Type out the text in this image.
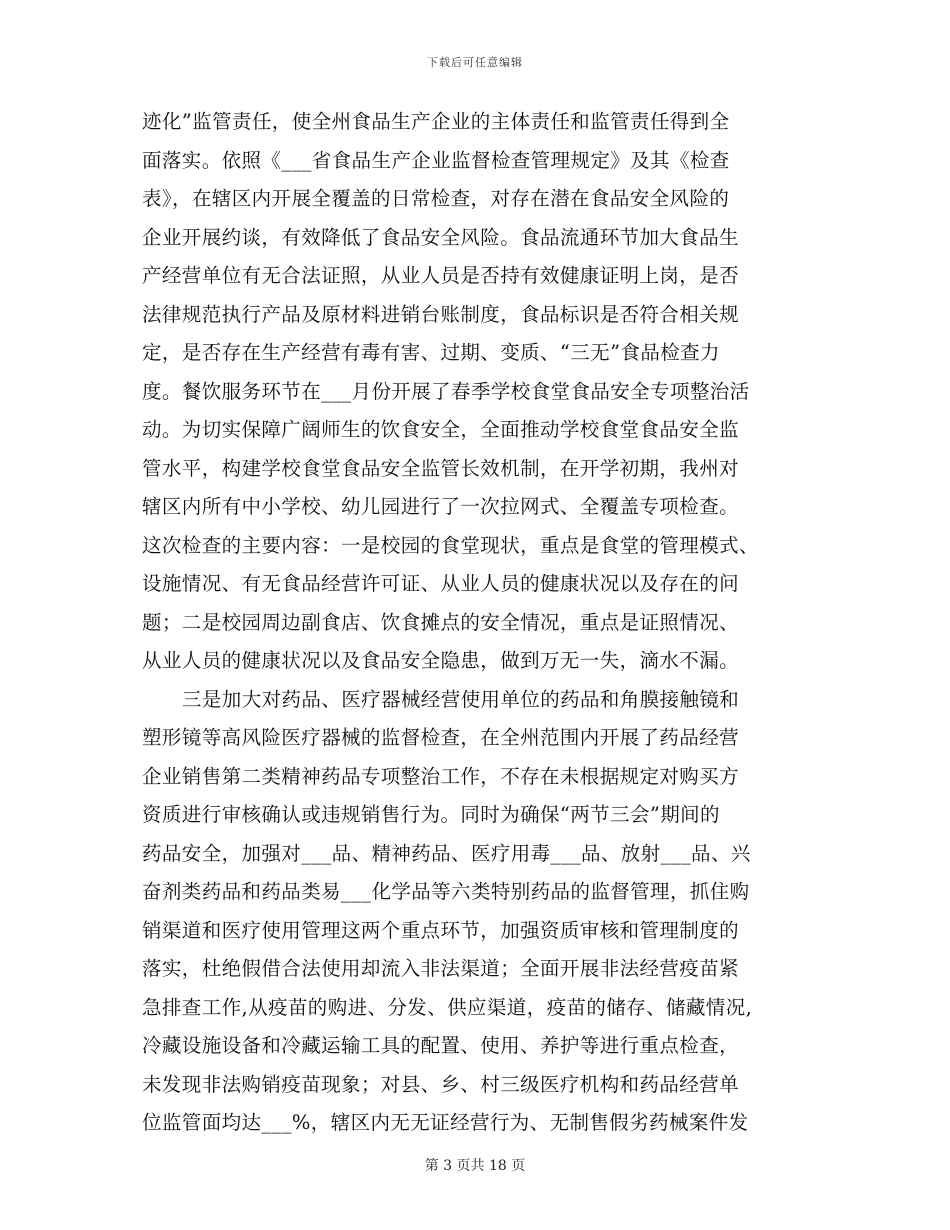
下载后可任意编辑
迹化”监管责任，使全州食品生产企业的主体责任和监管责任得到全
面落实。依照《___省食品生产企业监督检查管理规定》及其《检查
表》，在辖区内开展全覆盖的日常检查，对存在潜在食品安全风险的
企业开展约谈，有效降低了食品安全风险。食品流通环节加大食品生
产经营单位有无合法证照，从业人员是否持有效健康证明上岗，是否
法律规范执行产品及原材料进销台账制度，食品标识是否符合相关规
定，是否存在生产经营有毒有害、过期、变质、“三无”食品检查力
度。餐饮服务环节在___月份开展了春季学校食堂食品安全专项整治活
动。为切实保障广阔师生的饮食安全，全面推动学校食堂食品安全监
管水平，构建学校食堂食品安全监管长效机制，在开学初期，我州对
辖区内所有中小学校、幼儿园进行了一次拉网式、全覆盖专项检查。
这次检查的主要内容：一是校园的食堂现状，重点是食堂的管理模式、
设施情况、有无食品经营许可证、从业人员的健康状况以及存在的问
题；二是校园周边副食店、饮食摊点的安全情况，重点是证照情况、
从业人员的健康状况以及食品安全隐患，做到万无一失，滴水不漏。
三是加大对药品、医疗器械经营使用单位的药品和角膜接触镜和
塑形镜等高风险医疗器械的监督检查，在全州范围内开展了药品经营
企业销售第二类精神药品专项整治工作，不存在未根据规定对购买方
资质进行审核确认或违规销售行为。同时为确保“两节三会”期间的
药品安全，加强对___品、精神药品、医疗用毒___品、放射___品、兴
奋剂类药品和药品类易___化学品等六类特别药品的监督管理，抓住购
销渠道和医疗使用管理这两个重点环节，加强资质审核和管理制度的
落实，杜绝假借合法使用却流入非法渠道；全面开展非法经营疫苗紧
急排查工作,从疫苗的购进、分发、供应渠道，疫苗的储存、储藏情况,
冷藏设施设备和冷藏运输工具的配置、使用、养护等进行重点检查，
未发现非法购销疫苗现象；对县、乡、村三级医疗机构和药品经营单
位监管面均达___%，辖区内无无证经营行为、无制售假劣药械案件发
第 3 页共 18 页
